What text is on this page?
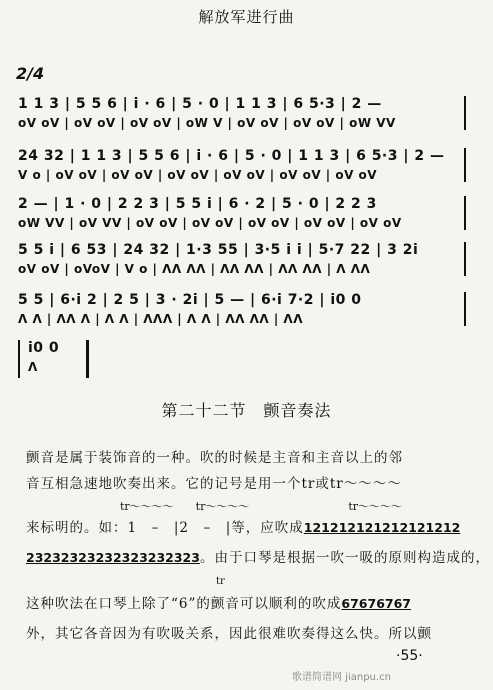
解放军进行曲
2/4
1 1 3 | 5 5 6 | i · 6 | 5 · 0 | 1 1 3 | 6 5·3 | 2 —
oV oV | oV oV | oV oV | oW V | oV oV | oV oV | oW VV
24 32 | 1 1 3 | 5 5 6 | i · 6 | 5 · 0 | 1 1 3 | 6 5·3 | 2 —
V o | oV oV | oV oV | oV oV | oV oV | oV oV | oV oV
2 — | 1 · 0 | 2 2 3 | 5 5 i | 6 · 2 | 5 · 0 | 2 2 3
oW VV | oV VV | oV oV | oV oV | oV oV | oV oV | oV oV
5 5 i | 6 53 | 24 32 | 1·3 55 | 3·5 i i | 5·7 22 | 3 2i
oV oV | oVoV | V o | ΛΛ ΛΛ | ΛΛ ΛΛ | ΛΛ ΛΛ | Λ ΛΛ
5 5 | 6·i 2 | 2 5 | 3 · 2i | 5 — | 6·i 7·2 | i0 0
Λ Λ | ΛΛ Λ | Λ Λ | ΛΛΛ | Λ Λ | ΛΛ ΛΛ | ΛΛ
i0 0
Λ
第二十二节　颤音奏法
颤音是属于装饰音的一种。吹的时候是主音和主音以上的邻
音互相急速地吹奏出来。它的记号是用一个tr或tr～～～～
tr～～～～　　tr～～～～　　　　　　　　　tr～～～～
来标明的。如：1　–　|2　–　|等，应吹成121212121212121212
23232323232323232323。由于口琴是根据一吹一吸的原则构造成的，
tr
这种吹法在口琴上除了“6”的颤音可以顺利的吹成67676767
外，其它各音因为有吹吸关系，因此很难吹奏得这么快。所以颤
·55·
歌谱简谱网 jianpu.cn
